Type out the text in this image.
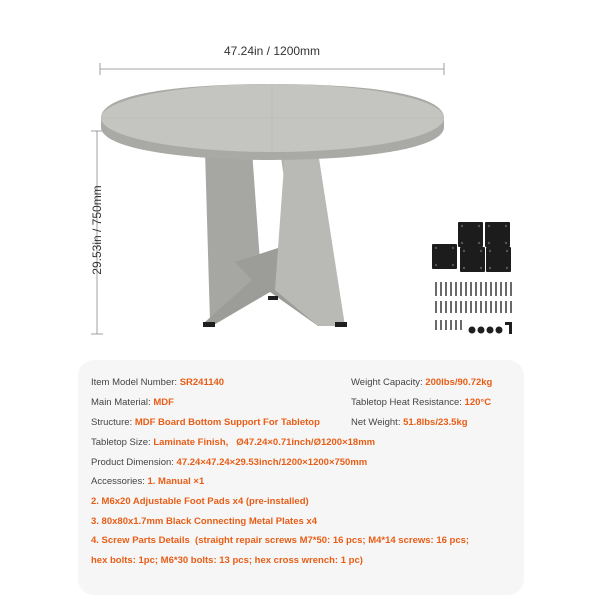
47.24in / 1200mm
29.53in / 750mm
Item Model Number: SR241140	Weight Capacity: 200lbs/90.72kg
Main Material: MDF	Tabletop Heat Resistance: 120°C
Structure: MDF Board Bottom Support For Tabletop	Net Weight: 51.8lbs/23.5kg
Tabletop Size: Laminate Finish,   Ø47.24×0.71inch/Ø1200×18mm
Product Dimension: 47.24×47.24×29.53inch/1200×1200×750mm
Accessories: 1. Manual ×1
2. M6x20 Adjustable Foot Pads x4 (pre-installed)
3. 80x80x1.7mm Black Connecting Metal Plates x4
4. Screw Parts Details  (straight repair screws M7*50: 16 pcs; M4*14 screws: 16 pcs;
hex bolts: 1pc; M6*30 bolts: 13 pcs; hex cross wrench: 1 pc)
